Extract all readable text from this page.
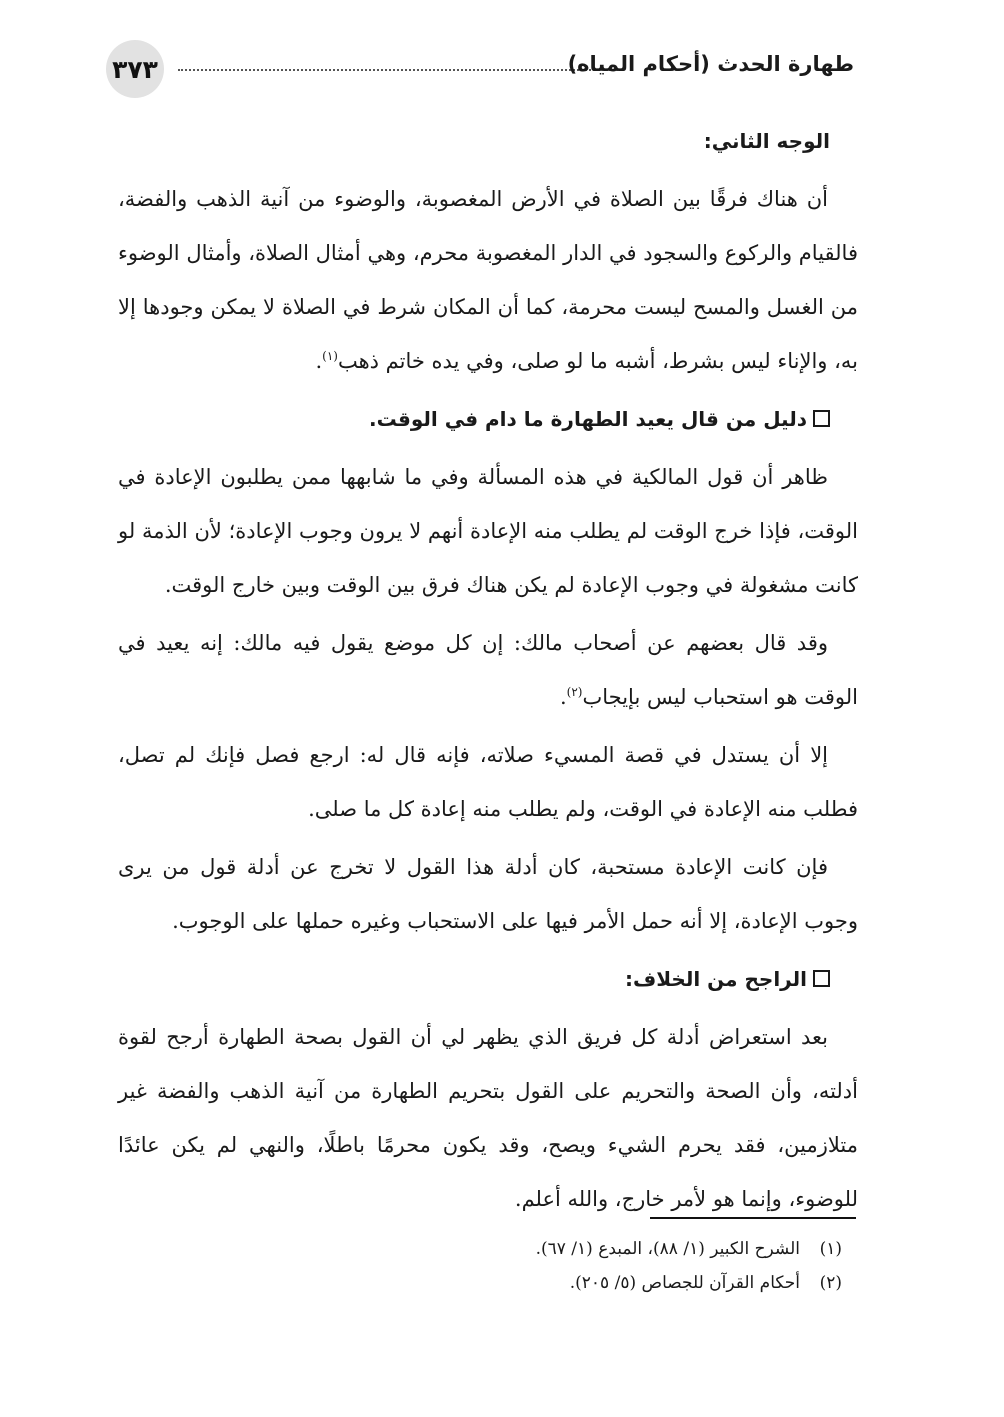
٣٧٣	طهارة الحدث (أحكام المياه)

الوجه الثاني:

أن هناك فرقًا بين الصلاة في الأرض المغصوبة، والوضوء من آنية الذهب والفضة، فالقيام والركوع والسجود في الدار المغصوبة محرم، وهي أمثال الصلاة، وأمثال الوضوء من الغسل والمسح ليست محرمة، كما أن المكان شرط في الصلاة لا يمكن وجودها إلا به، والإناء ليس بشرط، أشبه ما لو صلى، وفي يده خاتم ذهب$^{(١)}$.

دليل من قال يعيد الطهارة ما دام في الوقت.

ظاهر أن قول المالكية في هذه المسألة وفي ما شابهها ممن يطلبون الإعادة في الوقت، فإذا خرج الوقت لم يطلب منه الإعادة أنهم لا يرون وجوب الإعادة؛ لأن الذمة لو كانت مشغولة في وجوب الإعادة لم يكن هناك فرق بين الوقت وبين خارج الوقت.

وقد قال بعضهم عن أصحاب مالك: إن كل موضع يقول فيه مالك: إنه يعيد في الوقت هو استحباب ليس بإيجاب$^{(٢)}$.

إلا أن يستدل في قصة المسيء صلاته، فإنه قال له: ارجع فصل فإنك لم تصل، فطلب منه الإعادة في الوقت، ولم يطلب منه إعادة كل ما صلى.

فإن كانت الإعادة مستحبة، كان أدلة هذا القول لا تخرج عن أدلة قول من يرى وجوب الإعادة، إلا أنه حمل الأمر فيها على الاستحباب وغيره حملها على الوجوب.

الراجح من الخلاف:

بعد استعراض أدلة كل فريق الذي يظهر لي أن القول بصحة الطهارة أرجح لقوة أدلته، وأن الصحة والتحريم على القول بتحريم الطهارة من آنية الذهب والفضة غير متلازمين، فقد يحرم الشيء ويصح، وقد يكون محرمًا باطلًا، والنهي لم يكن عائدًا للوضوء، وإنما هو لأمر خارج، والله أعلم.

(١)الشرح الكبير (١/ ٨٨)، المبدع (١/ ٦٧).
(٢)أحكام القرآن للجصاص (٥/ ٢٠٥).
